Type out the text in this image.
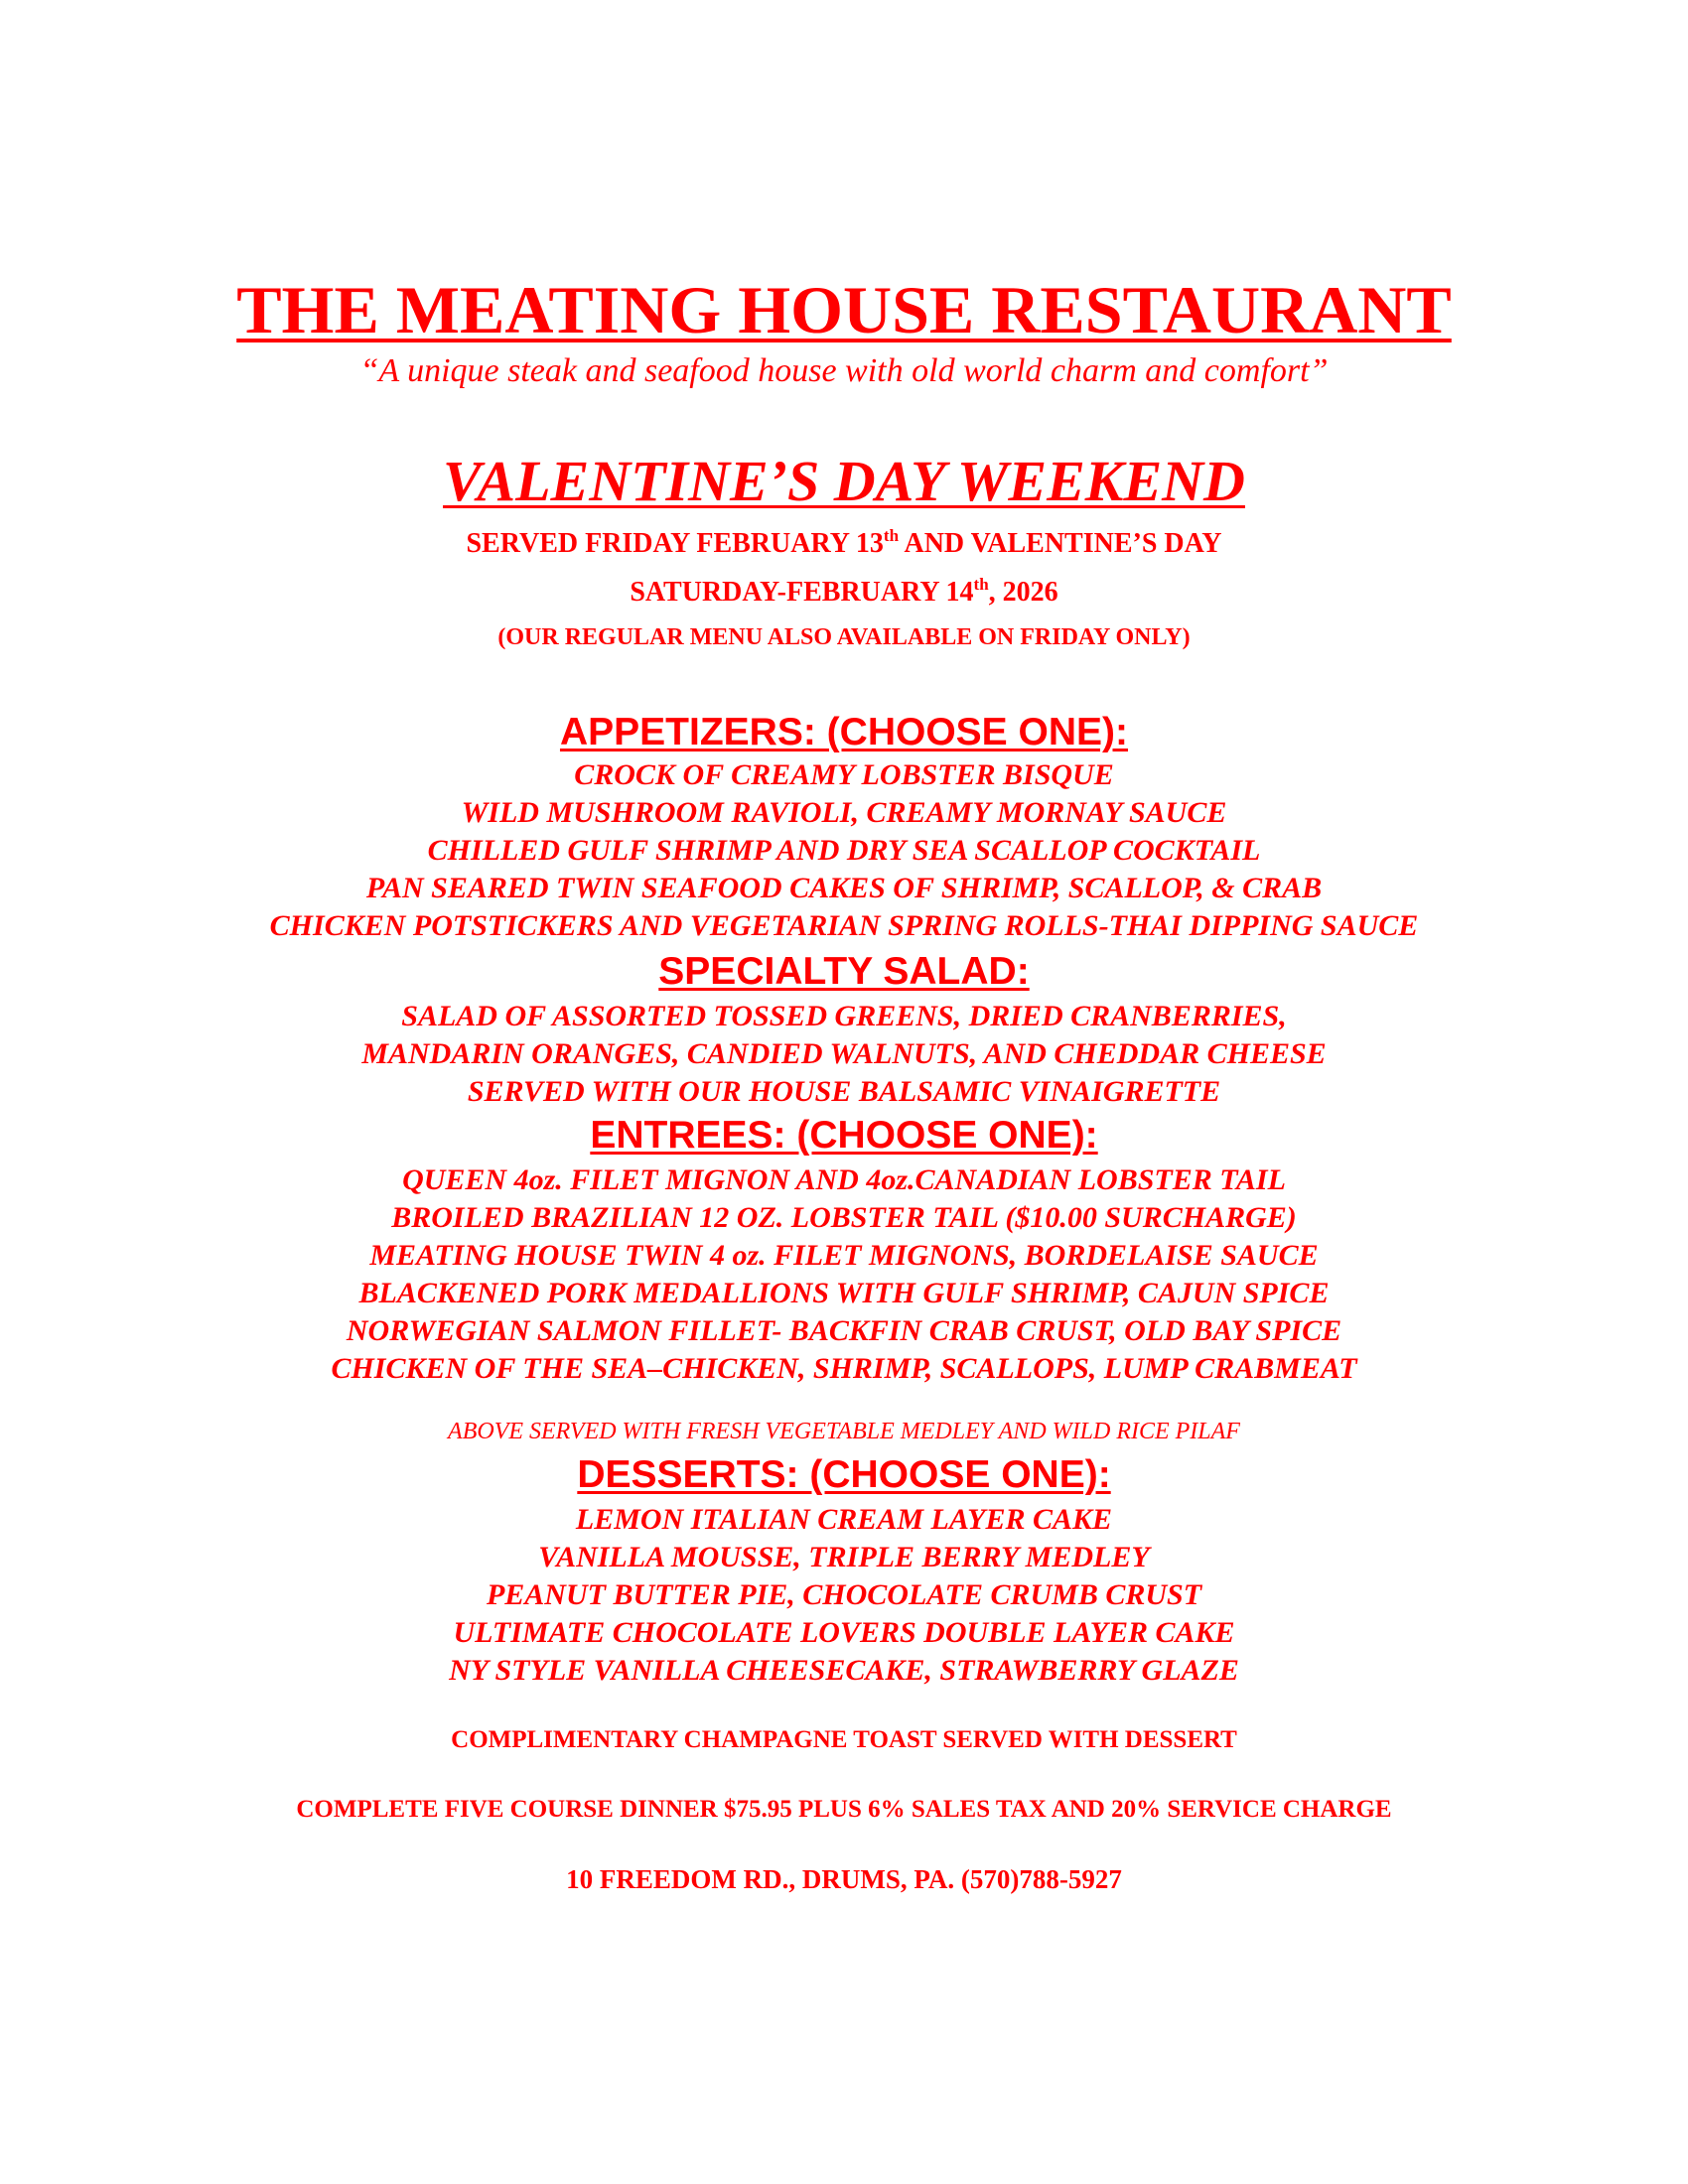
THE MEATING HOUSE RESTAURANT
“A unique steak and seafood house with old world charm and comfort”
VALENTINE’S DAY WEEKEND
SERVED FRIDAY FEBRUARY 13th AND VALENTINE’S DAY
SATURDAY-FEBRUARY 14th, 2026
(OUR REGULAR MENU ALSO AVAILABLE ON FRIDAY ONLY)
APPETIZERS: (CHOOSE ONE):
CROCK OF CREAMY LOBSTER BISQUE
WILD MUSHROOM RAVIOLI, CREAMY MORNAY SAUCE
CHILLED GULF SHRIMP AND DRY SEA SCALLOP COCKTAIL
PAN SEARED TWIN SEAFOOD CAKES OF SHRIMP, SCALLOP, & CRAB
CHICKEN POTSTICKERS AND VEGETARIAN SPRING ROLLS-THAI DIPPING SAUCE
SPECIALTY SALAD:
SALAD OF ASSORTED TOSSED GREENS, DRIED CRANBERRIES,
MANDARIN ORANGES, CANDIED WALNUTS, AND CHEDDAR CHEESE
SERVED WITH OUR HOUSE BALSAMIC VINAIGRETTE
ENTREES: (CHOOSE ONE):
QUEEN 4oz. FILET MIGNON AND 4oz.CANADIAN LOBSTER TAIL
BROILED BRAZILIAN 12 OZ. LOBSTER TAIL ($10.00 SURCHARGE)
MEATING HOUSE TWIN 4 oz. FILET MIGNONS, BORDELAISE SAUCE
BLACKENED PORK MEDALLIONS WITH GULF SHRIMP, CAJUN SPICE
NORWEGIAN SALMON FILLET- BACKFIN CRAB CRUST, OLD BAY SPICE
CHICKEN OF THE SEA–CHICKEN, SHRIMP, SCALLOPS, LUMP CRABMEAT
ABOVE SERVED WITH FRESH VEGETABLE MEDLEY AND WILD RICE PILAF
DESSERTS: (CHOOSE ONE):
LEMON ITALIAN CREAM LAYER CAKE
VANILLA MOUSSE, TRIPLE BERRY MEDLEY
PEANUT BUTTER PIE, CHOCOLATE CRUMB CRUST
ULTIMATE CHOCOLATE LOVERS DOUBLE LAYER CAKE
NY STYLE VANILLA CHEESECAKE, STRAWBERRY GLAZE
COMPLIMENTARY CHAMPAGNE TOAST SERVED WITH DESSERT
COMPLETE FIVE COURSE DINNER $75.95 PLUS 6% SALES TAX AND 20% SERVICE CHARGE
10 FREEDOM RD., DRUMS, PA. (570)788-5927
